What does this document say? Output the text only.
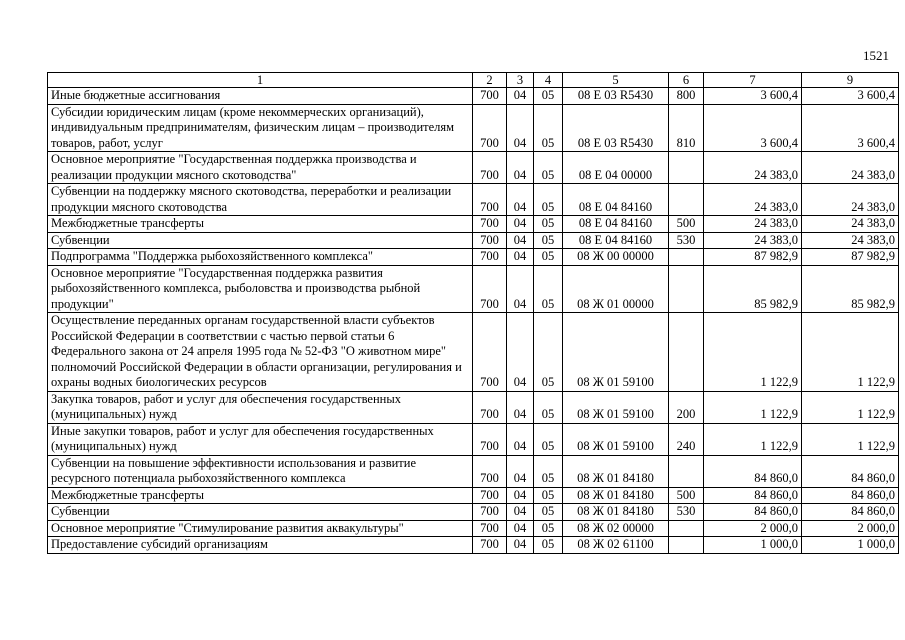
1521
1	2	3	4	5	6	7	9
Иные бюджетные ассигнования	700	04	05	08 Е 03 R5430	800	3 600,4	3 600,4
Субсидии юридическим лицам (кроме некоммерческих организаций), индивидуальным предпринимателям, физическим лицам – производителям товаров, работ, услуг	700	04	05	08 Е 03 R5430	810	3 600,4	3 600,4
Основное мероприятие "Государственная поддержка производства и реализации продукции мясного скотоводства"	700	04	05	08 Е 04 00000		24 383,0	24 383,0
Субвенции на поддержку мясного скотоводства, переработки и реализации продукции мясного скотоводства	700	04	05	08 Е 04 84160		24 383,0	24 383,0
Межбюджетные трансферты	700	04	05	08 Е 04 84160	500	24 383,0	24 383,0
Субвенции	700	04	05	08 Е 04 84160	530	24 383,0	24 383,0
Подпрограмма "Поддержка рыбохозяйственного комплекса"	700	04	05	08 Ж 00 00000		87 982,9	87 982,9
Основное мероприятие "Государственная поддержка развития рыбохозяйственного комплекса, рыболовства и производства рыбной продукции"	700	04	05	08 Ж 01 00000		85 982,9	85 982,9
Осуществление переданных органам государственной власти субъектов Российской Федерации в соответствии с частью первой статьи 6 Федерального закона от 24 апреля 1995 года № 52-ФЗ "О животном мире" полномочий Российской Федерации в области организации, регулирования и охраны водных биологических ресурсов	700	04	05	08 Ж 01 59100		1 122,9	1 122,9
Закупка товаров, работ и услуг для обеспечения государственных (муниципальных) нужд	700	04	05	08 Ж 01 59100	200	1 122,9	1 122,9
Иные закупки товаров, работ и услуг для обеспечения государственных (муниципальных) нужд	700	04	05	08 Ж 01 59100	240	1 122,9	1 122,9
Субвенции на повышение эффективности использования и развитие ресурсного потенциала рыбохозяйственного комплекса	700	04	05	08 Ж 01 84180		84 860,0	84 860,0
Межбюджетные трансферты	700	04	05	08 Ж 01 84180	500	84 860,0	84 860,0
Субвенции	700	04	05	08 Ж 01 84180	530	84 860,0	84 860,0
Основное мероприятие "Стимулирование развития аквакультуры"	700	04	05	08 Ж 02 00000		2 000,0	2 000,0
Предоставление субсидий организациям	700	04	05	08 Ж 02 61100		1 000,0	1 000,0
